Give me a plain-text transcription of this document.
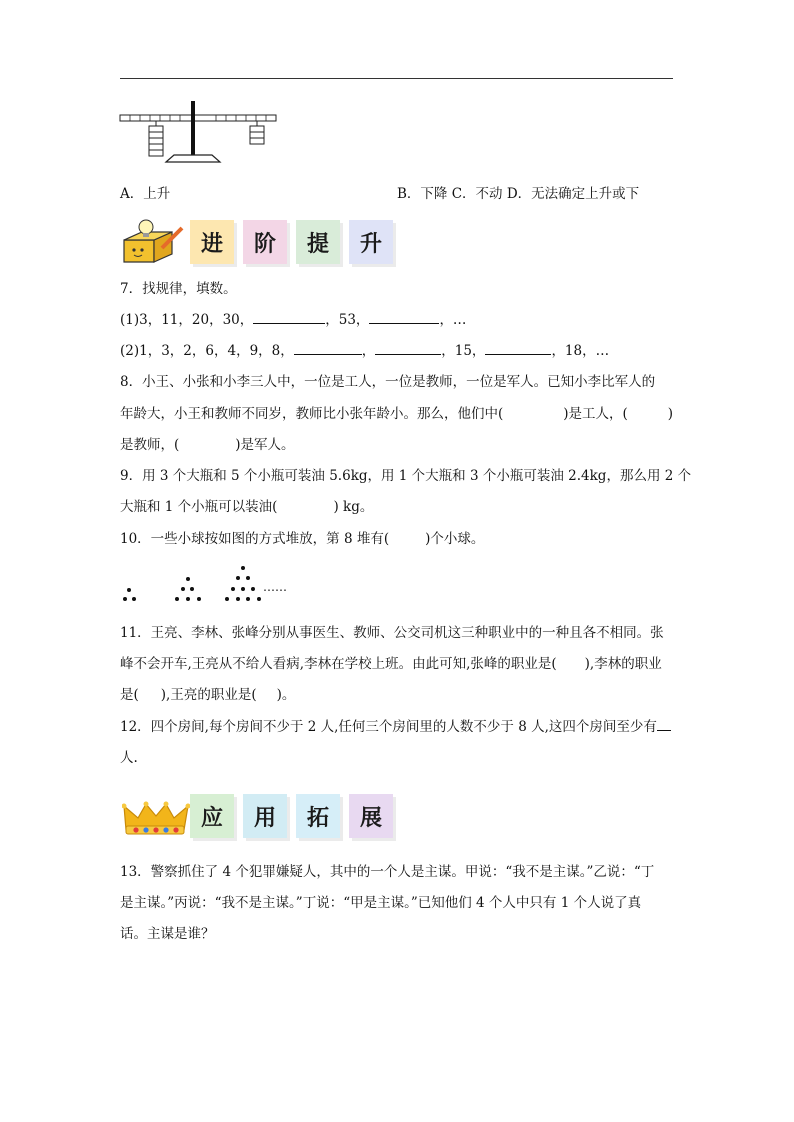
A．上升	B．下降 C．不动 D．无法确定上升或下
进	阶	提	升
7．找规律，填数。
(1)3，11，20，30，	，53，	，…
(2)1，3，2，6，4，9，8，	，	，15，	，18，…
8．小王、小张和小李三人中，一位是工人，一位是教师，一位是军人。已知小李比军人的
年龄大，小王和教师不同岁，教师比小张年龄小。那么，他们中(	)是工人，(	)
是教师，(	)是军人。
9．用 3 个大瓶和 5 个小瓶可装油 5.6kg，用 1 个大瓶和 3 个小瓶可装油 2.4kg，那么用 2 个
大瓶和 1 个小瓶可以装油(	) kg。
10．一些小球按如图的方式堆放，第 8 堆有(	)个小球。
……
11．王亮、李林、张峰分别从事医生、教师、公交司机这三种职业中的一种且各不相同。张
峰不会开车,王亮从不给人看病,李林在学校上班。由此可知,张峰的职业是( ),李林的职业
是( ),王亮的职业是( )。
12．四个房间,每个房间不少于 2 人,任何三个房间里的人数不少于 8 人,这四个房间至少有
人.
应	用	拓	展
13．警察抓住了 4 个犯罪嫌疑人，其中的一个人是主谋。甲说：“我不是主谋。”乙说：“丁
是主谋。”丙说：“我不是主谋。”丁说：“甲是主谋。”已知他们 4 个人中只有 1 个人说了真
话。主谋是谁？
